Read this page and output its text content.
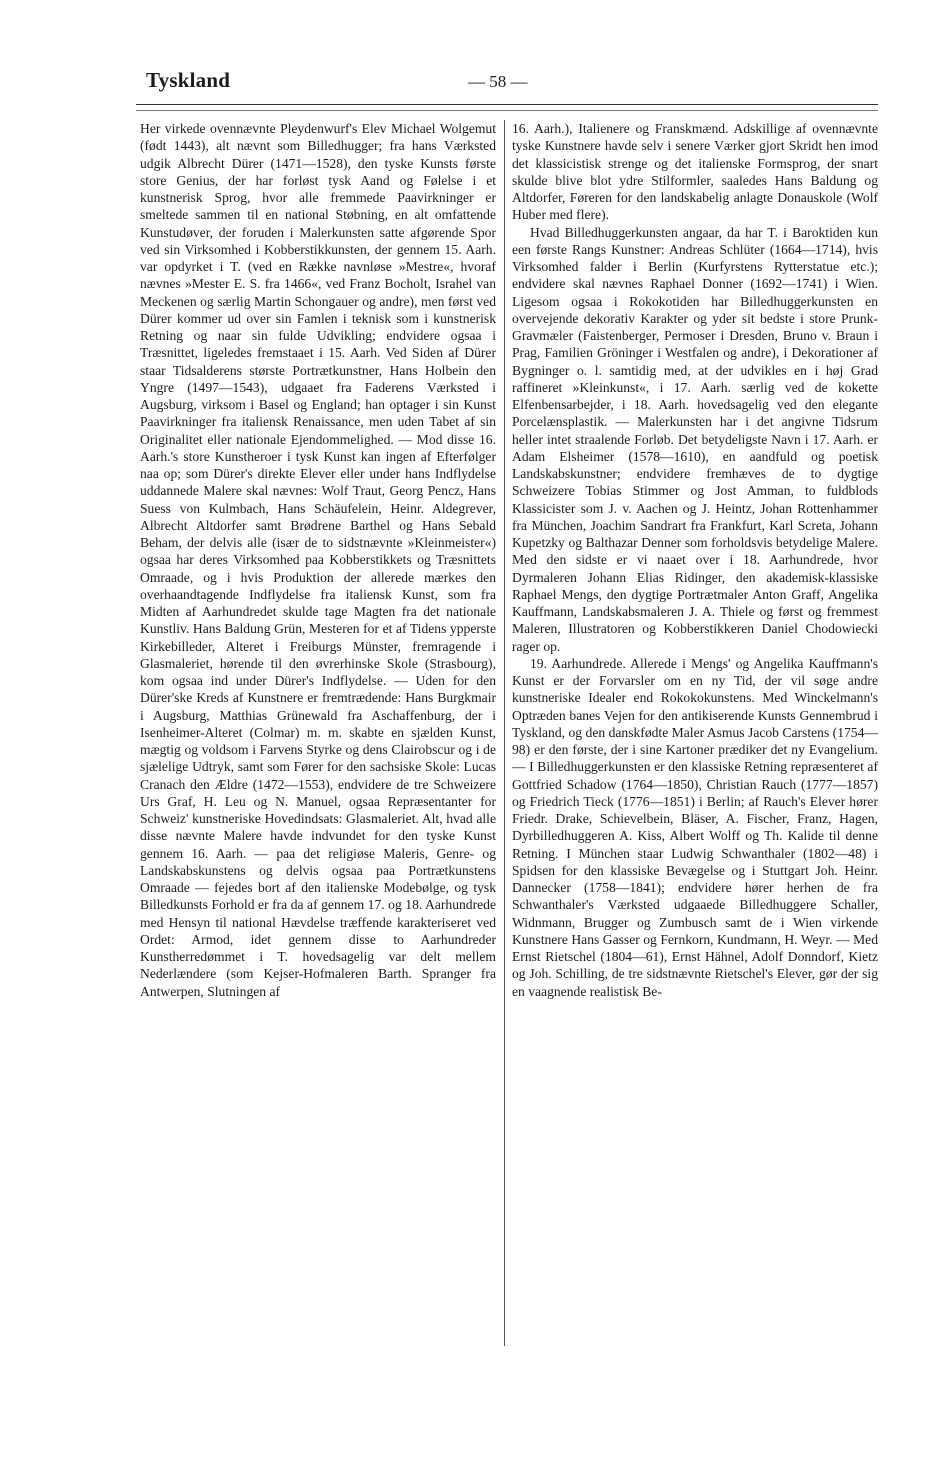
Tyskland	— 58 —

Her virkede ovennævnte Pleydenwurf's Elev Michael Wolgemut (født 1443), alt nævnt som Billedhugger; fra hans Værksted udgik Albrecht Dürer (1471—1528), den tyske Kunsts første store Genius, der har forløst tysk Aand og Følelse i et kunstnerisk Sprog, hvor alle fremmede Paavirkninger er smeltede sammen til en national Støbning, en alt omfattende Kunstudøver, der foruden i Malerkunsten satte afgørende Spor ved sin Virksomhed i Kobberstikkunsten, der gennem 15. Aarh. var opdyrket i T. (ved en Række navnløse »Mestre«, hvoraf nævnes »Mester E. S. fra 1466«, ved Franz Bocholt, Israhel van Meckenen og særlig Martin Schongauer og andre), men først ved Dürer kommer ud over sin Famlen i teknisk som i kunstnerisk Retning og naar sin fulde Udvikling; endvidere ogsaa i Træsnittet, ligeledes fremstaaet i 15. Aarh. Ved Siden af Dürer staar Tidsalderens største Portrætkunstner, Hans Holbein den Yngre (1497—1543), udgaaet fra Faderens Værksted i Augsburg, virksom i Basel og England; han optager i sin Kunst Paavirkninger fra italiensk Renaissance, men uden Tabet af sin Originalitet eller nationale Ejendommelighed. — Mod disse 16. Aarh.'s store Kunstheroer i tysk Kunst kan ingen af Efterfølger naa op; som Dürer's direkte Elever eller under hans Indflydelse uddannede Malere skal nævnes: Wolf Traut, Georg Pencz, Hans Suess von Kulmbach, Hans Schäufelein, Heinr. Aldegrever, Albrecht Altdorfer samt Brødrene Barthel og Hans Sebald Beham, der delvis alle (især de to sidstnævnte »Kleinmeister«) ogsaa har deres Virksomhed paa Kobberstikkets og Træsnittets Omraade, og i hvis Produktion der allerede mærkes den overhaandtagende Indflydelse fra italiensk Kunst, som fra Midten af Aarhundredet skulde tage Magten fra det nationale Kunstliv. Hans Baldung Grün, Mesteren for et af Tidens ypperste Kirkebilleder, Alteret i Freiburgs Münster, fremragende i Glasmaleriet, hørende til den øvrerhinske Skole (Strasbourg), kom ogsaa ind under Dürer's Indflydelse. — Uden for den Dürer'ske Kreds af Kunstnere er fremtrædende: Hans Burgkmair i Augsburg, Matthias Grünewald fra Aschaffenburg, der i Isenheimer-Alteret (Colmar) m. m. skabte en sjælden Kunst, mægtig og voldsom i Farvens Styrke og dens Clairobscur og i de sjælelige Udtryk, samt som Fører for den sachsiske Skole: Lucas Cranach den Ældre (1472—1553), endvidere de tre Schweizere Urs Graf, H. Leu og N. Manuel, ogsaa Repræsentanter for Schweiz' kunstneriske Hovedindsats: Glasmaleriet. Alt, hvad alle disse nævnte Malere havde indvundet for den tyske Kunst gennem 16. Aarh. — paa det religiøse Maleris, Genre- og Landskabskunstens og delvis ogsaa paa Portrætkunstens Omraade — fejedes bort af den italienske Modebølge, og tysk Billedkunsts Forhold er fra da af gennem 17. og 18. Aarhundrede med Hensyn til national Hævdelse træffende karakteriseret ved Ordet: Armod, idet gennem disse to Aarhundreder Kunstherredømmet i T. hovedsagelig var delt mellem Nederlændere (som Kejser-Hofmaleren Barth. Spranger fra Antwerpen, Slutningen af

16. Aarh.), Italienere og Franskmænd. Adskillige af ovennævnte tyske Kunstnere havde selv i senere Værker gjort Skridt hen imod det klassicistisk strenge og det italienske Formsprog, der snart skulde blive blot ydre Stilformler, saaledes Hans Baldung og Altdorfer, Føreren for den landskabelig anlagte Donauskole (Wolf Huber med flere).

Hvad Billedhuggerkunsten angaar, da har T. i Baroktiden kun een første Rangs Kunstner: Andreas Schlüter (1664—1714), hvis Virksomhed falder i Berlin (Kurfyrstens Rytterstatue etc.); endvidere skal nævnes Raphael Donner (1692—1741) i Wien. Ligesom ogsaa i Rokokotiden har Billedhuggerkunsten en overvejende dekorativ Karakter og yder sit bedste i store Prunk-Gravmæler (Faistenberger, Permoser i Dresden, Bruno v. Braun i Prag, Familien Gröninger i Westfalen og andre), i Dekorationer af Bygninger o. l. samtidig med, at der udvikles en i høj Grad raffineret »Kleinkunst«, i 17. Aarh. særlig ved de kokette Elfenbensarbejder, i 18. Aarh. hovedsagelig ved den elegante Porcelænsplastik. — Malerkunsten har i det angivne Tidsrum heller intet straalende Forløb. Det betydeligste Navn i 17. Aarh. er Adam Elsheimer (1578—1610), en aandfuld og poetisk Landskabskunstner; endvidere fremhæves de to dygtige Schweizere Tobias Stimmer og Jost Amman, to fuldblods Klassicister som J. v. Aachen og J. Heintz, Johan Rottenhammer fra München, Joachim Sandrart fra Frankfurt, Karl Screta, Johann Kupetzky og Balthazar Denner som forholdsvis betydelige Malere. Med den sidste er vi naaet over i 18. Aarhundrede, hvor Dyrmaleren Johann Elias Ridinger, den akademisk-klassiske Raphael Mengs, den dygtige Portrætmaler Anton Graff, Angelika Kauffmann, Landskabsmaleren J. A. Thiele og først og fremmest Maleren, Illustratoren og Kobberstikkeren Daniel Chodowiecki rager op.

19. Aarhundrede. Allerede i Mengs' og Angelika Kauffmann's Kunst er der Forvarsler om en ny Tid, der vil søge andre kunstneriske Idealer end Rokokokunstens. Med Winckelmann's Optræden banes Vejen for den antikiserende Kunsts Gennembrud i Tyskland, og den danskfødte Maler Asmus Jacob Carstens (1754—98) er den første, der i sine Kartoner prædiker det ny Evangelium. — I Billedhuggerkunsten er den klassiske Retning repræsenteret af Gottfried Schadow (1764—1850), Christian Rauch (1777—1857) og Friedrich Tieck (1776—1851) i Berlin; af Rauch's Elever hører Friedr. Drake, Schievelbein, Bläser, A. Fischer, Franz, Hagen, Dyrbilledhuggeren A. Kiss, Albert Wolff og Th. Kalide til denne Retning. I München staar Ludwig Schwanthaler (1802—48) i Spidsen for den klassiske Bevægelse og i Stuttgart Joh. Heinr. Dannecker (1758—1841); endvidere hører herhen de fra Schwanthaler's Værksted udgaaede Billedhuggere Schaller, Widnmann, Brugger og Zumbusch samt de i Wien virkende Kunstnere Hans Gasser og Fernkorn, Kundmann, H. Weyr. — Med Ernst Rietschel (1804—61), Ernst Hähnel, Adolf Donndorf, Kietz og Joh. Schilling, de tre sidstnævnte Rietschel's Elever, gør der sig en vaagnende realistisk Be-
